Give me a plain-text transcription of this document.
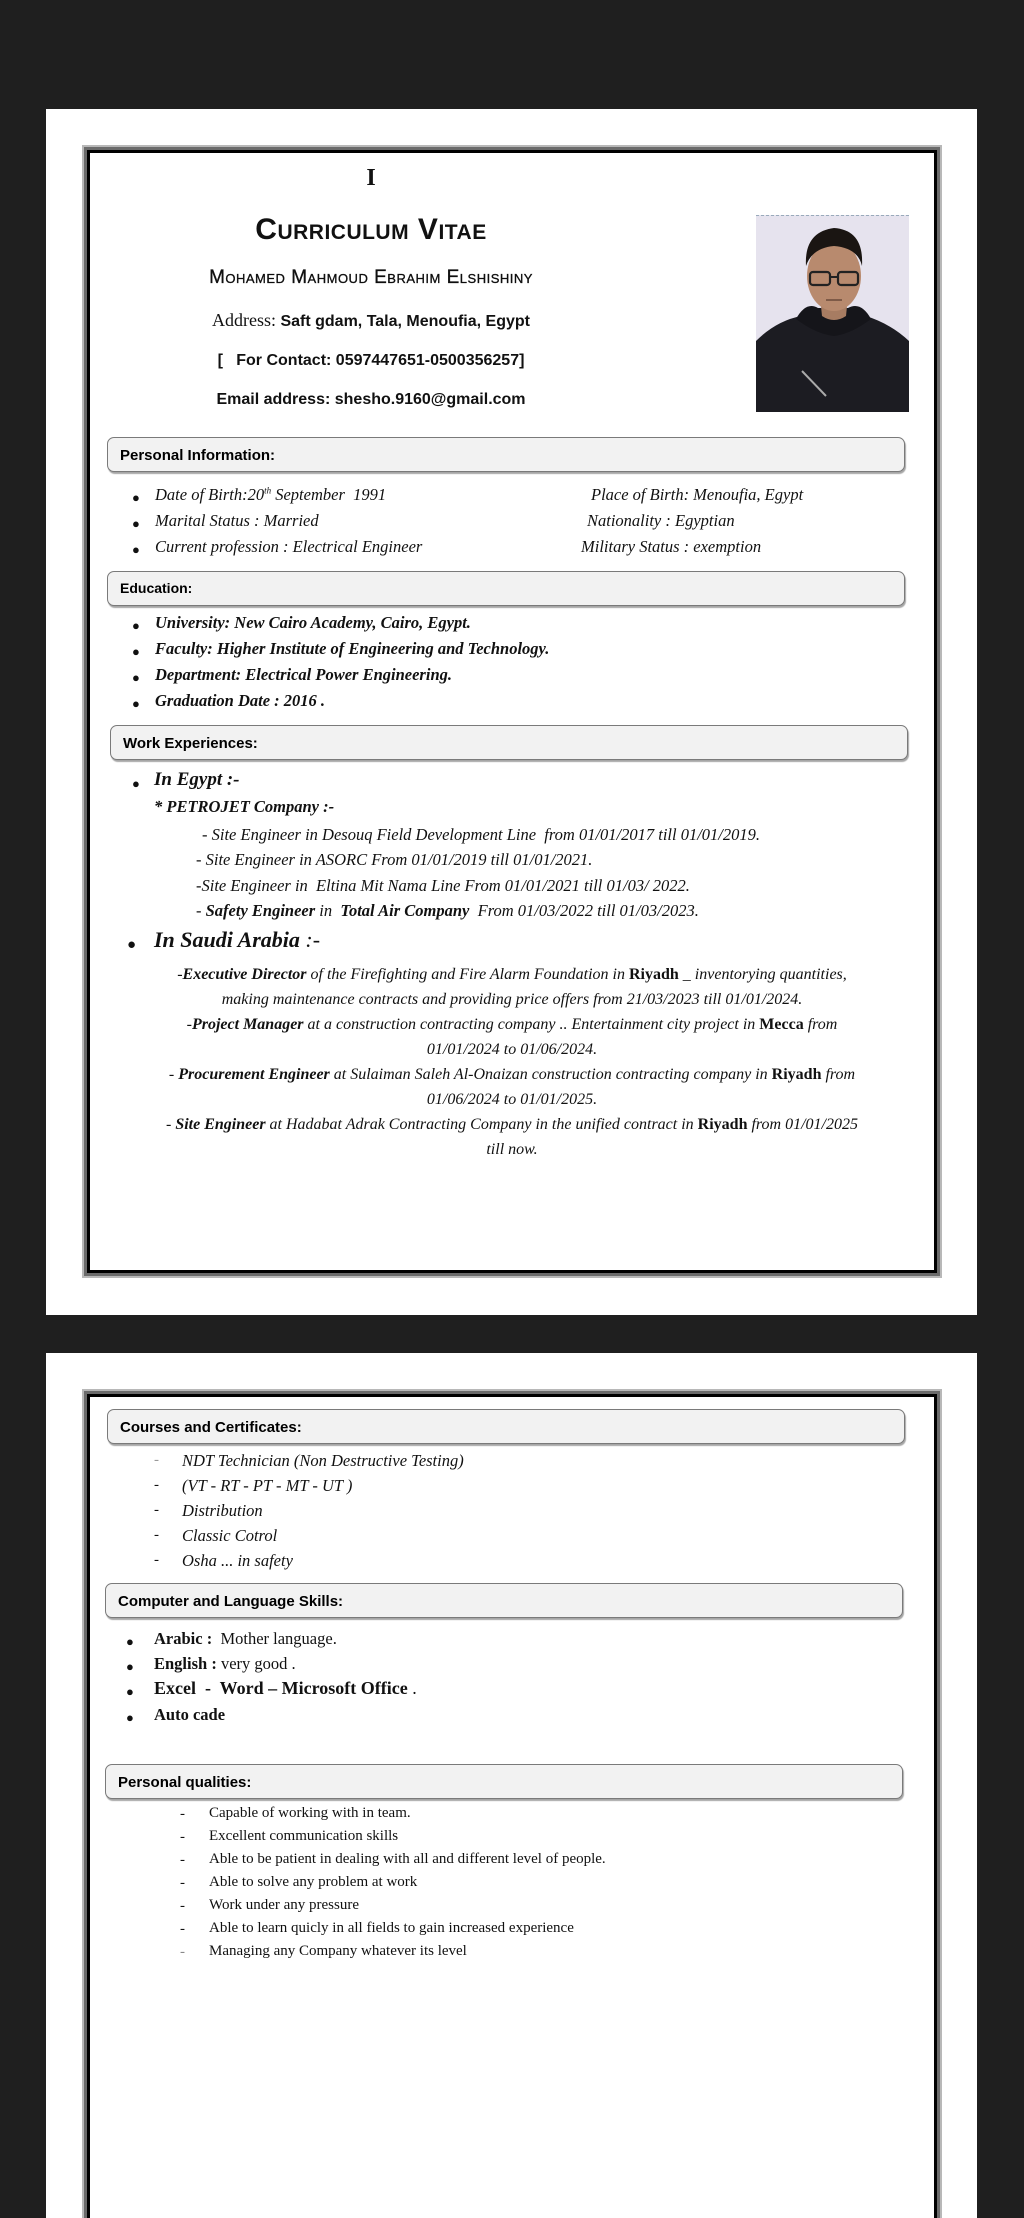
I
Curriculum Vitae
Mohamed Mahmoud Ebrahim Elshishiny
Address: Saft gdam, Tala, Menoufia, Egypt
[   For Contact: 0597447651-0500356257]
Email address: shesho.9160@gmail.com
Personal Information:
● Date of Birth:20th September  1991	Place of Birth: Menoufia, Egypt
● Marital Status : Married	Nationality : Egyptian
● Current profession : Electrical Engineer	Military Status : exemption
Education:
● University: New Cairo Academy, Cairo, Egypt.
● Faculty: Higher Institute of Engineering and Technology.
● Department: Electrical Power Engineering.
● Graduation Date : 2016 .
Work Experiences:
● In Egypt :-
* PETROJET Company :-
- Site Engineer in Desouq Field Development Line  from 01/01/2017 till 01/01/2019.
- Site Engineer in ASORC From 01/01/2019 till 01/01/2021.
-Site Engineer in  Eltina Mit Nama Line From 01/01/2021 till 01/03/ 2022.
- Safety Engineer in  Total Air Company  From 01/03/2022 till 01/03/2023.
● In Saudi Arabia :-
-Executive Director of the Firefighting and Fire Alarm Foundation in Riyadh _ inventorying quantities,
making maintenance contracts and providing price offers from 21/03/2023 till 01/01/2024.
-Project Manager at a construction contracting company .. Entertainment city project in Mecca from
01/01/2024 to 01/06/2024.
- Procurement Engineer at Sulaiman Saleh Al-Onaizan construction contracting company in Riyadh from
01/06/2024 to 01/01/2025.
- Site Engineer at Hadabat Adrak Contracting Company in the unified contract in Riyadh from 01/01/2025
till now.
Courses and Certificates:
- NDT Technician (Non Destructive Testing)
- (VT - RT - PT - MT - UT )
- Distribution
- Classic Cotrol
- Osha ... in safety
Computer and Language Skills:
● Arabic :  Mother language.
● English : very good .
● Excel  -  Word – Microsoft Office .
● Auto cade
Personal qualities:
- Capable of working with in team.
- Excellent communication skills
- Able to be patient in dealing with all and different level of people.
- Able to solve any problem at work
- Work under any pressure
- Able to learn quicly in all fields to gain increased experience
- Managing any Company whatever its level
